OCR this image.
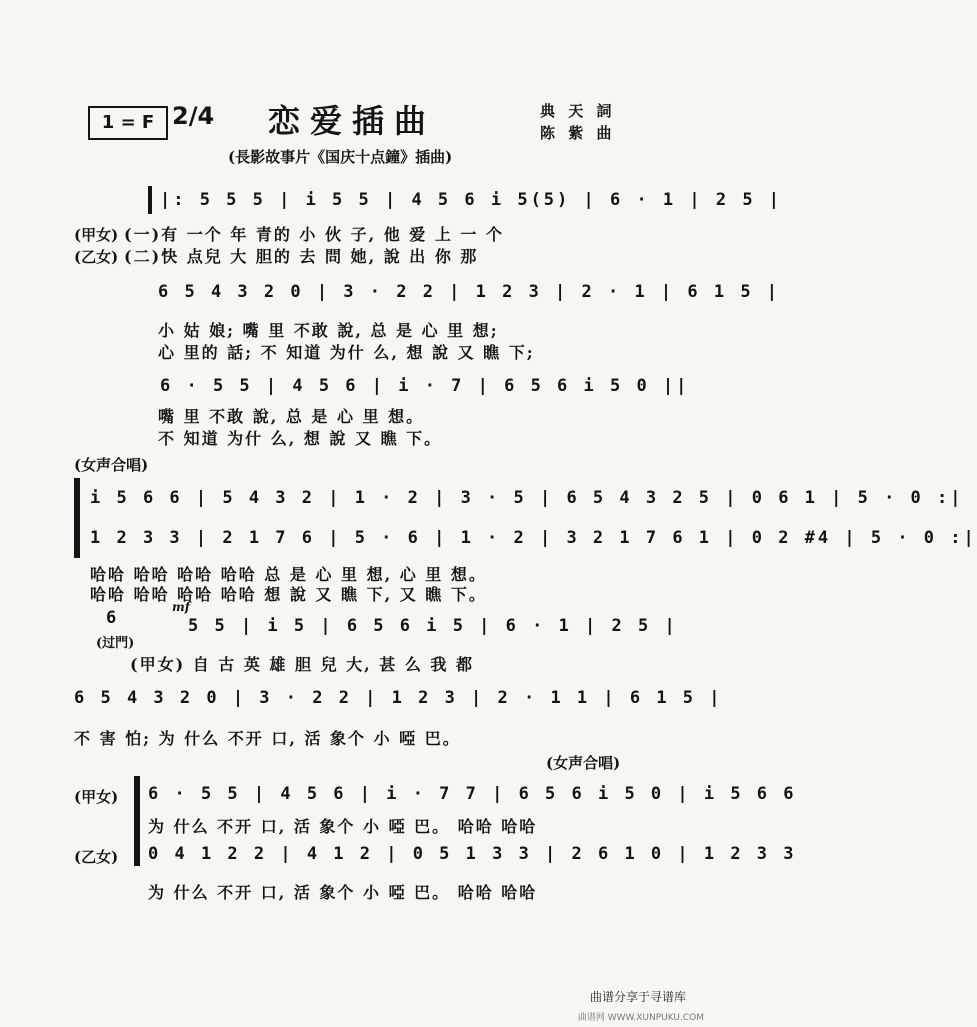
1 = F 2/4 恋爱插曲	典 天 詞
陈 紫 曲
(長影故事片《国庆十点鐘》插曲)
|: 5 5 5 | i 5 5 | 4 5 6 i 5(5) | 6 · 1 | 2 5 |
(甲女) (一)有 一个 年 青的 小 伙 子, 他 爱 上 一 个
(乙女) (二)快 点兒 大 胆的 去 問 她, 說 出 你 那
6 5 4 3 2 0 | 3 · 2 2 | 1 2 3 | 2 · 1 | 6 1 5 |
小 姑 娘; 嘴 里 不敢 說, 总 是 心 里 想;
心 里的 話; 不 知道 为什 么, 想 說 又 瞧 下;
6 · 5 5 | 4 5 6 | i · 7 | 6 5 6 i 5 0 ||
嘴 里 不敢 說, 总 是 心 里 想。
不 知道 为什 么, 想 說 又 瞧 下。
(女声合唱)
i 5 6 6 | 5 4 3 2 | 1 · 2 | 3 · 5 | 6 5 4 3 2 5 | 0 6 1 | 5 · 0 :|
1 2 3 3 | 2 1 7 6 | 5 · 6 | 1 · 2 | 3 2 1 7 6 1 | 0 2 #4 | 5 · 0 :|
哈哈 哈哈 哈哈 哈哈 总 是 心 里 想, 心 里 想。
哈哈 哈哈 哈哈 哈哈 想 說 又 瞧 下, 又 瞧 下。
6
(过門)
mf
5 5 | i 5 | 6 5 6 i 5 | 6 · 1 | 2 5 |
(甲女) 自 古 英 雄 胆 兒 大, 甚 么 我 都
6 5 4 3 2 0 | 3 · 2 2 | 1 2 3 | 2 · 1 1 | 6 1 5 |
不 害 怕; 为 什么 不开 口, 活 象个 小 啞 巴。
(女声合唱)
(甲女) 6 · 5 5 | 4 5 6 | i · 7 7 | 6 5 6 i 5 0 | i 5 6 6
为 什么 不开 口, 活 象个 小 啞 巴。 哈哈 哈哈
(乙女) 0 4 1 2 2 | 4 1 2 | 0 5 1 3 3 | 2 6 1 0 | 1 2 3 3
为 什么 不开 口, 活 象个 小 啞 巴。 哈哈 哈哈
曲谱分享于寻谱库
曲谱网 WWW.XUNPUKU.COM
